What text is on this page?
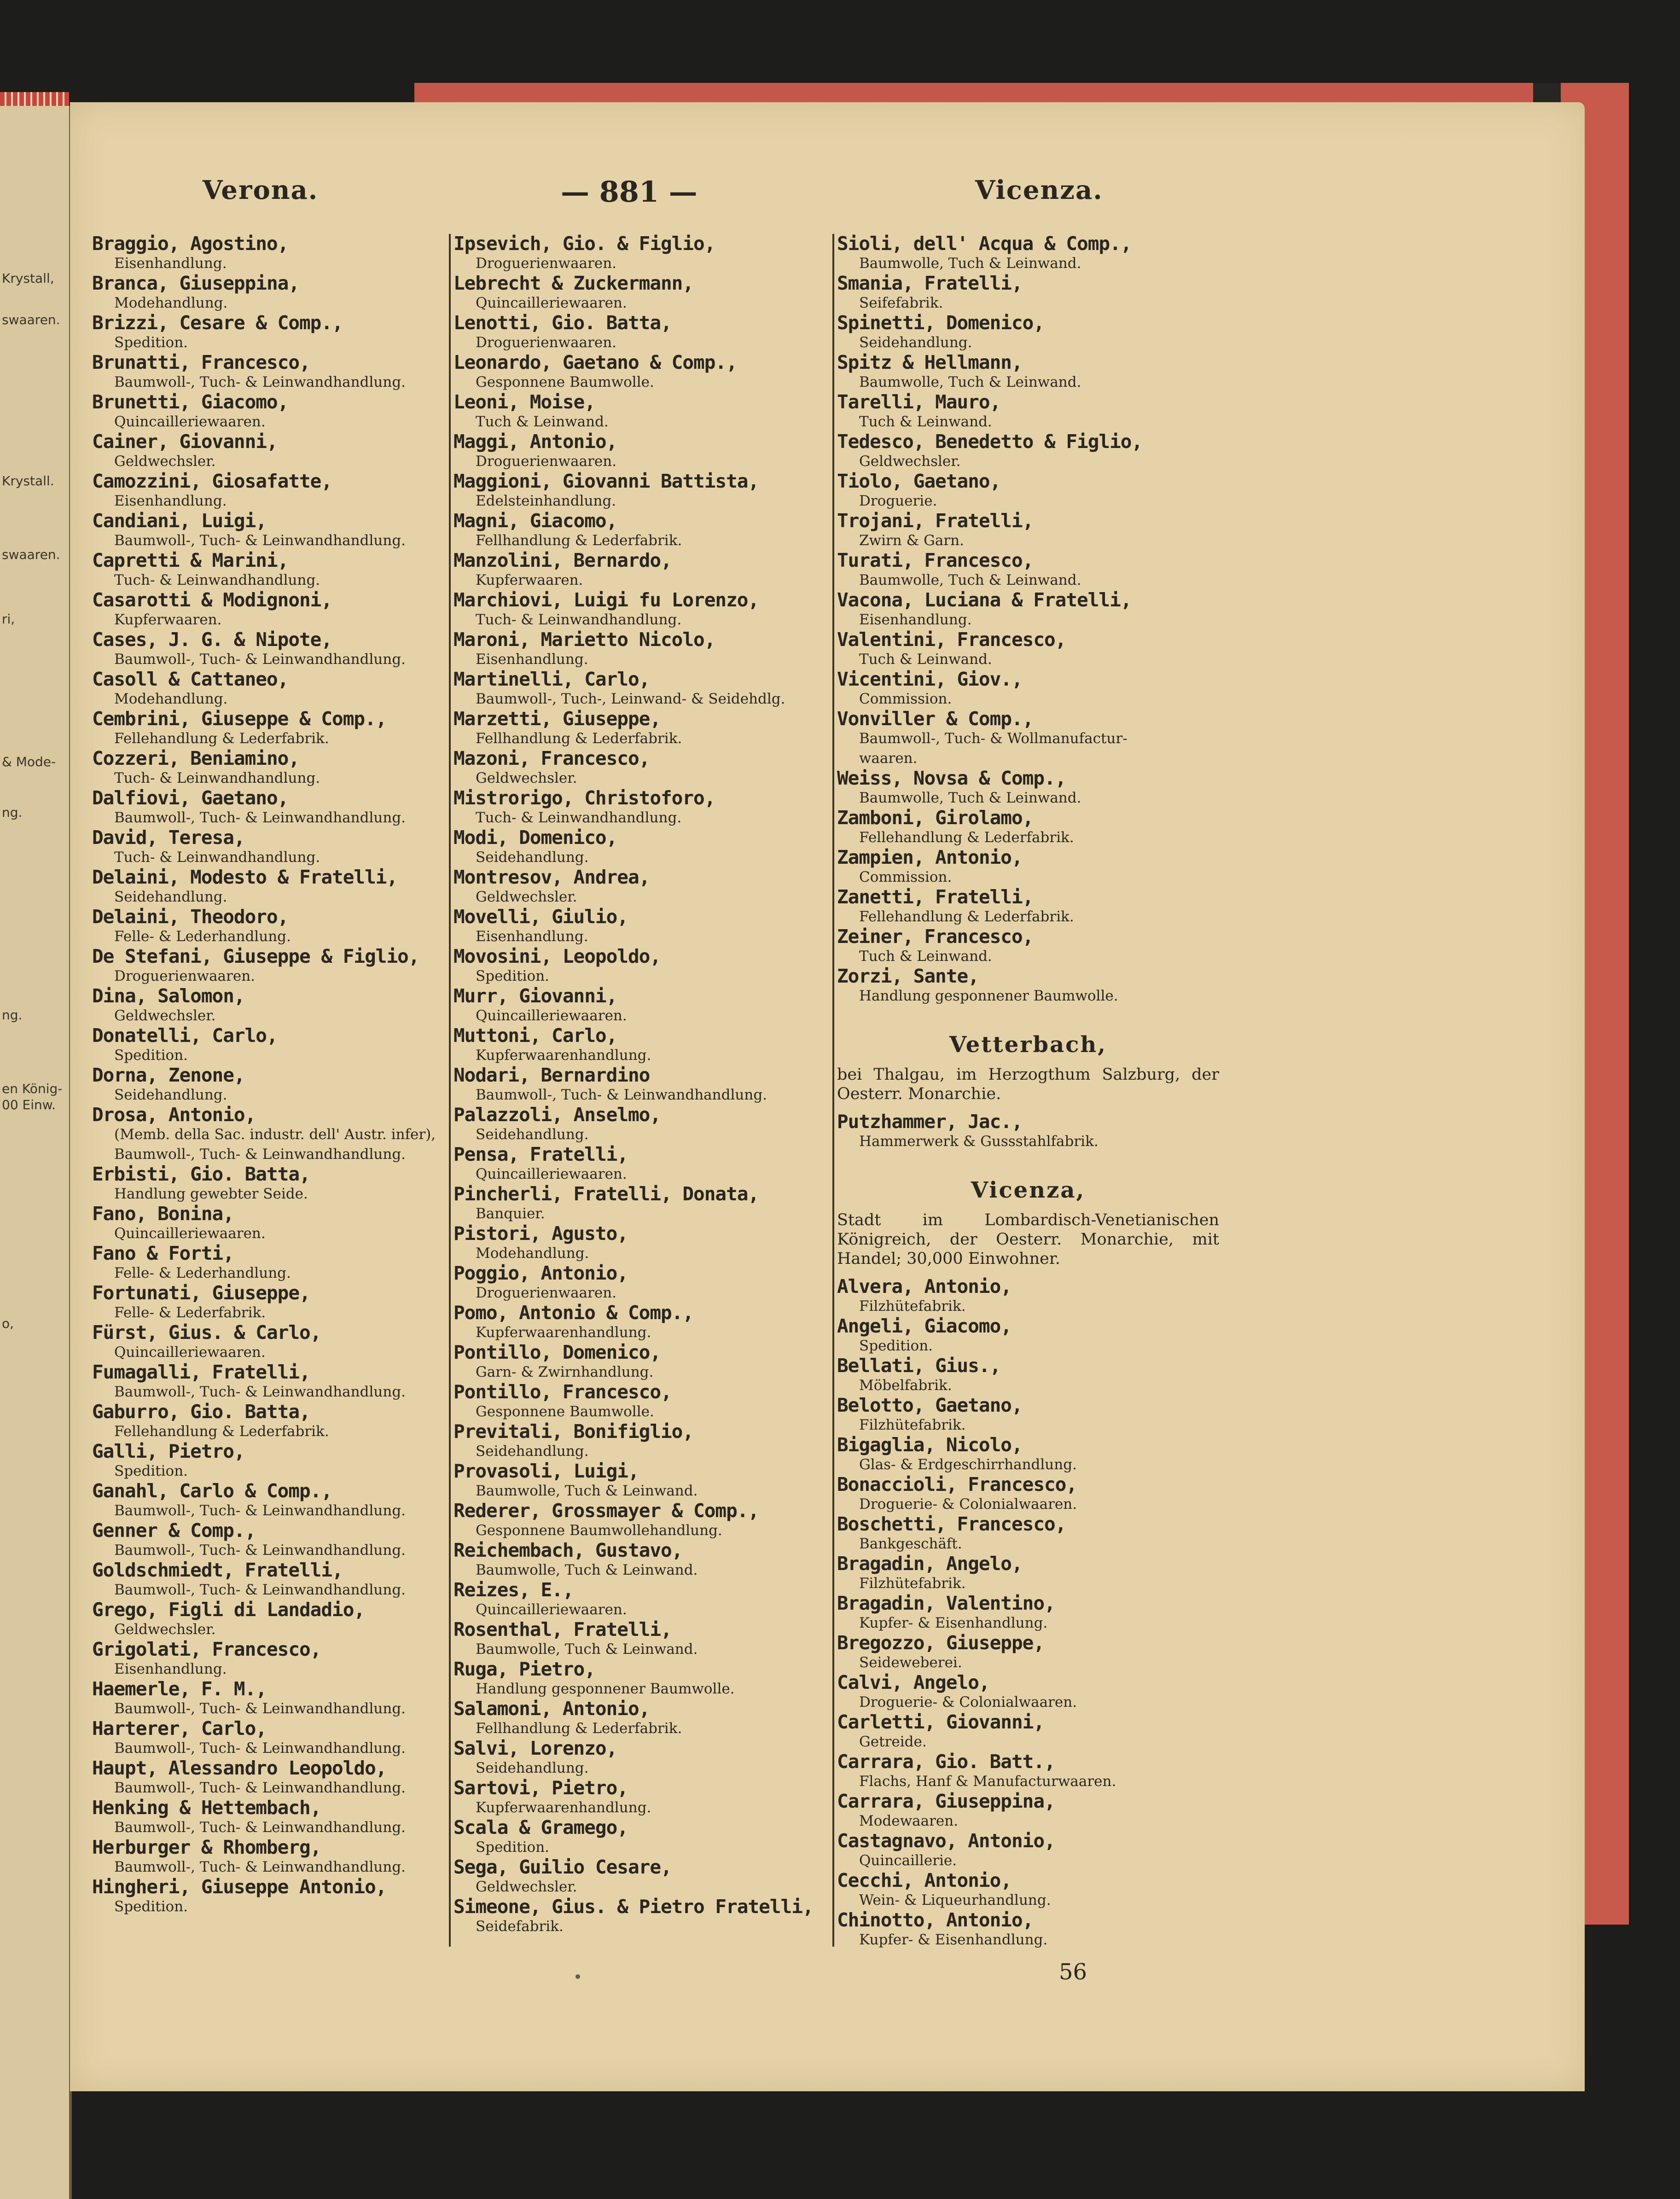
Krystall,
swaaren.
Krystall.
swaaren.
ri,
& Mode-
ng.
ng.
en König-
00 Einw.
o,
Verona.	— 881 —	Vicenza.
Braggio, Agostino,
Eisenhandlung.
Branca, Giuseppina,
Modehandlung.
Brizzi, Cesare & Comp.,
Spedition.
Brunatti, Francesco,
Baumwoll-, Tuch- & Leinwandhandlung.
Brunetti, Giacomo,
Quincailleriewaaren.
Cainer, Giovanni,
Geldwechsler.
Camozzini, Giosafatte,
Eisenhandlung.
Candiani, Luigi,
Baumwoll-, Tuch- & Leinwandhandlung.
Capretti & Marini,
Tuch- & Leinwandhandlung.
Casarotti & Modignoni,
Kupferwaaren.
Cases, J. G. & Nipote,
Baumwoll-, Tuch- & Leinwandhandlung.
Casoll & Cattaneo,
Modehandlung.
Cembrini, Giuseppe & Comp.,
Fellehandlung & Lederfabrik.
Cozzeri, Beniamino,
Tuch- & Leinwandhandlung.
Dalfiovi, Gaetano,
Baumwoll-, Tuch- & Leinwandhandlung.
David, Teresa,
Tuch- & Leinwandhandlung.
Delaini, Modesto & Fratelli,
Seidehandlung.
Delaini, Theodoro,
Felle- & Lederhandlung.
De Stefani, Giuseppe & Figlio,
Droguerienwaaren.
Dina, Salomon,
Geldwechsler.
Donatelli, Carlo,
Spedition.
Dorna, Zenone,
Seidehandlung.
Drosa, Antonio,
(Memb. della Sac. industr. dell' Austr. infer),
Baumwoll-, Tuch- & Leinwandhandlung.
Erbisti, Gio. Batta,
Handlung gewebter Seide.
Fano, Bonina,
Quincailleriewaaren.
Fano & Forti,
Felle- & Lederhandlung.
Fortunati, Giuseppe,
Felle- & Lederfabrik.
Fürst, Gius. & Carlo,
Quincailleriewaaren.
Fumagalli, Fratelli,
Baumwoll-, Tuch- & Leinwandhandlung.
Gaburro, Gio. Batta,
Fellehandlung & Lederfabrik.
Galli, Pietro,
Spedition.
Ganahl, Carlo & Comp.,
Baumwoll-, Tuch- & Leinwandhandlung.
Genner & Comp.,
Baumwoll-, Tuch- & Leinwandhandlung.
Goldschmiedt, Fratelli,
Baumwoll-, Tuch- & Leinwandhandlung.
Grego, Figli di Landadio,
Geldwechsler.
Grigolati, Francesco,
Eisenhandlung.
Haemerle, F. M.,
Baumwoll-, Tuch- & Leinwandhandlung.
Harterer, Carlo,
Baumwoll-, Tuch- & Leinwandhandlung.
Haupt, Alessandro Leopoldo,
Baumwoll-, Tuch- & Leinwandhandlung.
Henking & Hettembach,
Baumwoll-, Tuch- & Leinwandhandlung.
Herburger & Rhomberg,
Baumwoll-, Tuch- & Leinwandhandlung.
Hingheri, Giuseppe Antonio,
Spedition.
Ipsevich, Gio. & Figlio,
Droguerienwaaren.
Lebrecht & Zuckermann,
Quincailleriewaaren.
Lenotti, Gio. Batta,
Droguerienwaaren.
Leonardo, Gaetano & Comp.,
Gesponnene Baumwolle.
Leoni, Moise,
Tuch & Leinwand.
Maggi, Antonio,
Droguerienwaaren.
Maggioni, Giovanni Battista,
Edelsteinhandlung.
Magni, Giacomo,
Fellhandlung & Lederfabrik.
Manzolini, Bernardo,
Kupferwaaren.
Marchiovi, Luigi fu Lorenzo,
Tuch- & Leinwandhandlung.
Maroni, Marietto Nicolo,
Eisenhandlung.
Martinelli, Carlo,
Baumwoll-, Tuch-, Leinwand- & Seidehdlg.
Marzetti, Giuseppe,
Fellhandlung & Lederfabrik.
Mazoni, Francesco,
Geldwechsler.
Mistrorigo, Christoforo,
Tuch- & Leinwandhandlung.
Modi, Domenico,
Seidehandlung.
Montresov, Andrea,
Geldwechsler.
Movelli, Giulio,
Eisenhandlung.
Movosini, Leopoldo,
Spedition.
Murr, Giovanni,
Quincailleriewaaren.
Muttoni, Carlo,
Kupferwaarenhandlung.
Nodari, Bernardino
Baumwoll-, Tuch- & Leinwandhandlung.
Palazzoli, Anselmo,
Seidehandlung.
Pensa, Fratelli,
Quincailleriewaaren.
Pincherli, Fratelli, Donata,
Banquier.
Pistori, Agusto,
Modehandlung.
Poggio, Antonio,
Droguerienwaaren.
Pomo, Antonio & Comp.,
Kupferwaarenhandlung.
Pontillo, Domenico,
Garn- & Zwirnhandlung.
Pontillo, Francesco,
Gesponnene Baumwolle.
Previtali, Bonifiglio,
Seidehandlung.
Provasoli, Luigi,
Baumwolle, Tuch & Leinwand.
Rederer, Grossmayer & Comp.,
Gesponnene Baumwollehandlung.
Reichembach, Gustavo,
Baumwolle, Tuch & Leinwand.
Reizes, E.,
Quincailleriewaaren.
Rosenthal, Fratelli,
Baumwolle, Tuch & Leinwand.
Ruga, Pietro,
Handlung gesponnener Baumwolle.
Salamoni, Antonio,
Fellhandlung & Lederfabrik.
Salvi, Lorenzo,
Seidehandlung.
Sartovi, Pietro,
Kupferwaarenhandlung.
Scala & Gramego,
Spedition.
Sega, Guilio Cesare,
Geldwechsler.
Simeone, Gius. & Pietro Fratelli,
Seidefabrik.
Sioli, dell' Acqua & Comp.,
Baumwolle, Tuch & Leinwand.
Smania, Fratelli,
Seifefabrik.
Spinetti, Domenico,
Seidehandlung.
Spitz & Hellmann,
Baumwolle, Tuch & Leinwand.
Tarelli, Mauro,
Tuch & Leinwand.
Tedesco, Benedetto & Figlio,
Geldwechsler.
Tiolo, Gaetano,
Droguerie.
Trojani, Fratelli,
Zwirn & Garn.
Turati, Francesco,
Baumwolle, Tuch & Leinwand.
Vacona, Luciana & Fratelli,
Eisenhandlung.
Valentini, Francesco,
Tuch & Leinwand.
Vicentini, Giov.,
Commission.
Vonviller & Comp.,
Baumwoll-, Tuch- & Wollmanufactur-
waaren.
Weiss, Novsa & Comp.,
Baumwolle, Tuch & Leinwand.
Zamboni, Girolamo,
Fellehandlung & Lederfabrik.
Zampien, Antonio,
Commission.
Zanetti, Fratelli,
Fellehandlung & Lederfabrik.
Zeiner, Francesco,
Tuch & Leinwand.
Zorzi, Sante,
Handlung gesponnener Baumwolle.
Vetterbach,
bei Thalgau, im Herzogthum Salzburg, der Oesterr. Monarchie.
Putzhammer, Jac.,
Hammerwerk & Gussstahlfabrik.
Vicenza,
Stadt im Lombardisch-Venetianischen Königreich, der Oesterr. Monarchie, mit Handel; 30,000 Einwohner.
Alvera, Antonio,
Filzhütefabrik.
Angeli, Giacomo,
Spedition.
Bellati, Gius.,
Möbelfabrik.
Belotto, Gaetano,
Filzhütefabrik.
Bigaglia, Nicolo,
Glas- & Erdgeschirrhandlung.
Bonaccioli, Francesco,
Droguerie- & Colonialwaaren.
Boschetti, Francesco,
Bankgeschäft.
Bragadin, Angelo,
Filzhütefabrik.
Bragadin, Valentino,
Kupfer- & Eisenhandlung.
Bregozzo, Giuseppe,
Seideweberei.
Calvi, Angelo,
Droguerie- & Colonialwaaren.
Carletti, Giovanni,
Getreide.
Carrara, Gio. Batt.,
Flachs, Hanf & Manufacturwaaren.
Carrara, Giuseppina,
Modewaaren.
Castagnavo, Antonio,
Quincaillerie.
Cecchi, Antonio,
Wein- & Liqueurhandlung.
Chinotto, Antonio,
Kupfer- & Eisenhandlung.
56
